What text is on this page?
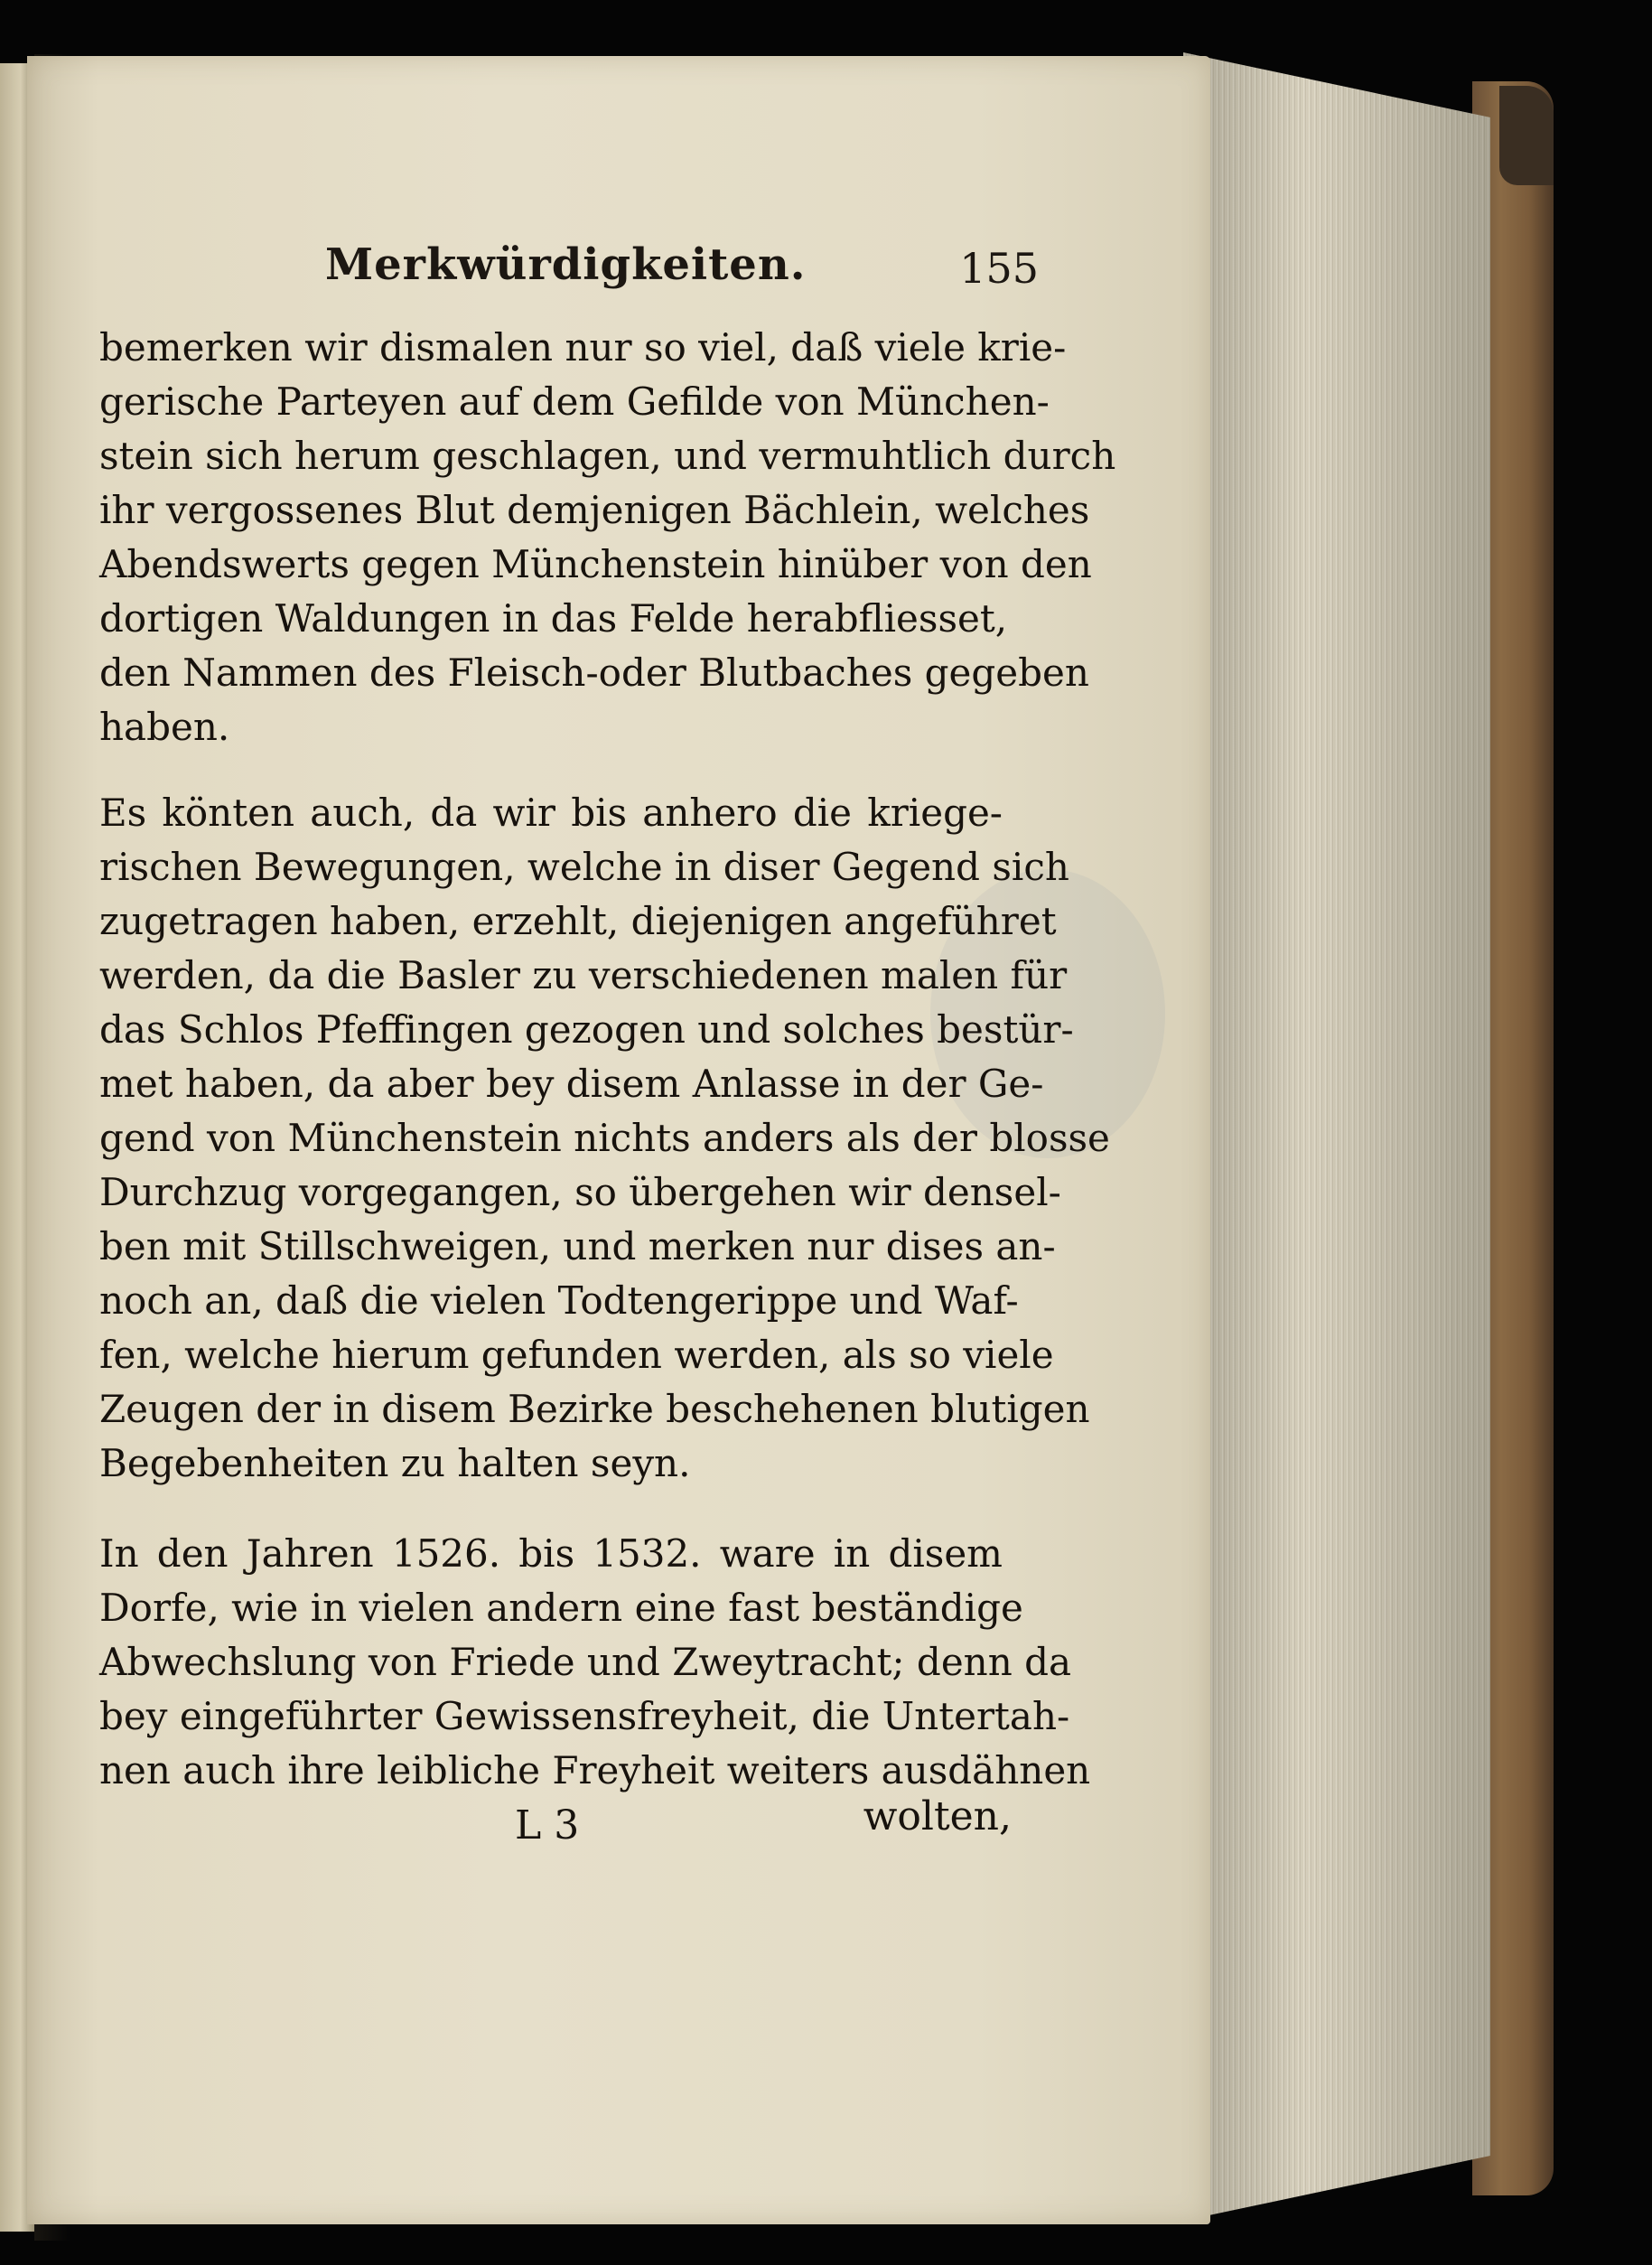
Merkwürdigkeiten.	155
bemerken wir dismalen nur so viel, daß viele krie-
gerische Parteyen auf dem Gefilde von München-
stein sich herum geschlagen, und vermuhtlich durch
ihr vergossenes Blut demjenigen Bächlein, welches
Abendswerts gegen Münchenstein hinüber von den
dortigen Waldungen in das Felde herabfliesset,
den Nammen des Fleisch-oder Blutbaches gegeben
haben.
Es könten auch, da wir bis anhero die kriege-
rischen Bewegungen, welche in diser Gegend sich
zugetragen haben, erzehlt, diejenigen angeführet
werden, da die Basler zu verschiedenen malen für
das Schlos Pfeffingen gezogen und solches bestür-
met haben, da aber bey disem Anlasse in der Ge-
gend von Münchenstein nichts anders als der blosse
Durchzug vorgegangen, so übergehen wir densel-
ben mit Stillschweigen, und merken nur dises an-
noch an, daß die vielen Todtengerippe und Waf-
fen, welche hierum gefunden werden, als so viele
Zeugen der in disem Bezirke beschehenen blutigen
Begebenheiten zu halten seyn.
In den Jahren 1526. bis 1532. ware in disem
Dorfe, wie in vielen andern eine fast beständige
Abwechslung von Friede und Zweytracht; denn da
bey eingeführter Gewissensfreyheit, die Untertah-
nen auch ihre leibliche Freyheit weiters ausdähnen
L 3	wolten,
